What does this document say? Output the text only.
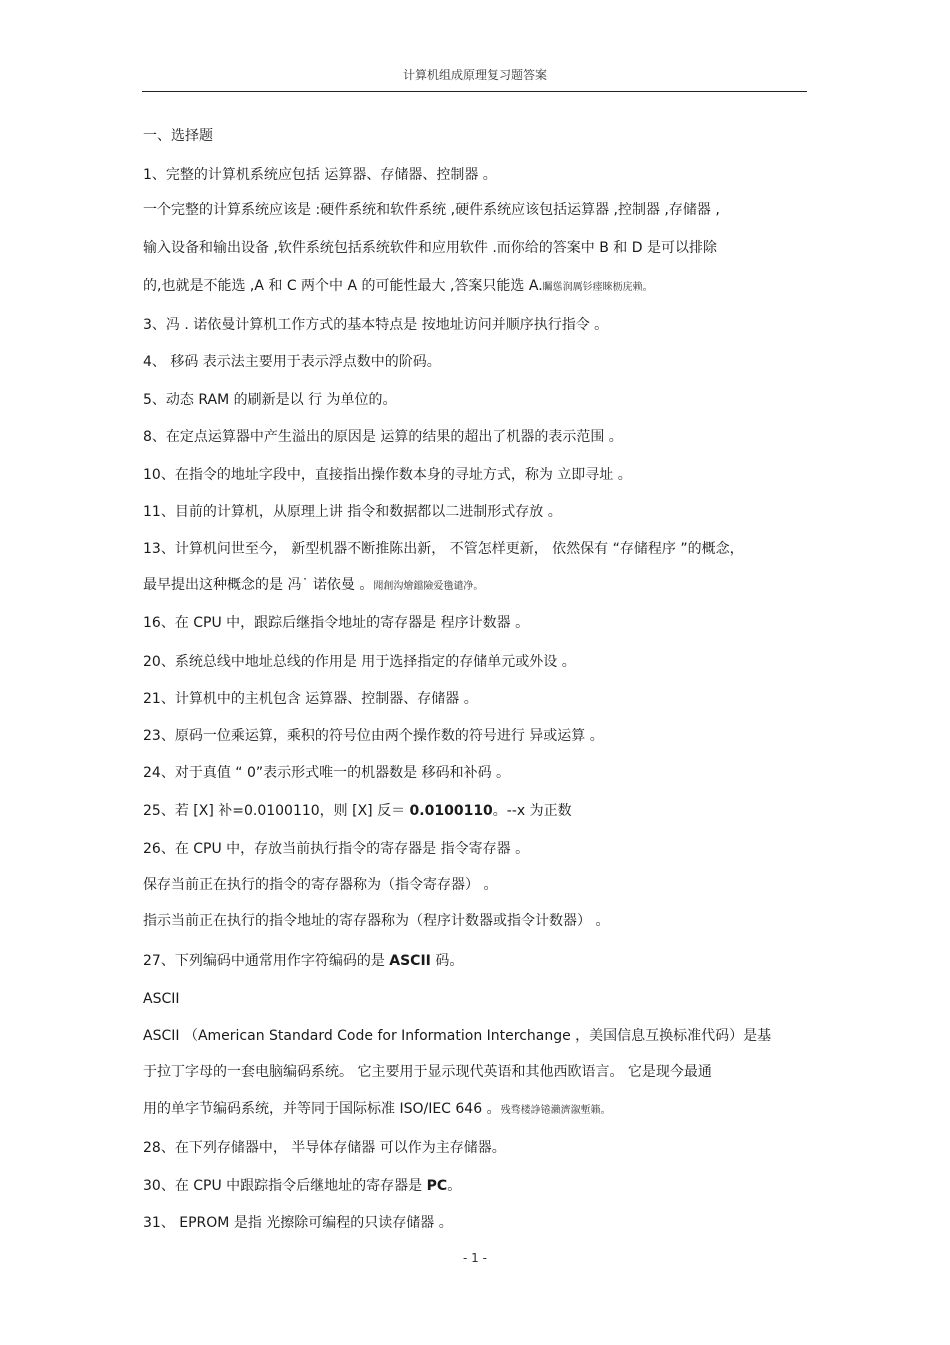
计算机组成原理复习题答案
一、选择题
1、完整的计算机系统应包括 运算器、存储器、控制器 。
一个完整的计算系统应该是 :硬件系统和软件系统 ,硬件系统应该包括运算器 ,控制器 ,存储器 ,
输入设备和输出设备 ,软件系统包括系统软件和应用软件 .而你给的答案中 B 和 D 是可以排除
的,也就是不能选 ,A 和 C 两个中 A 的可能性最大 ,答案只能选 A.矚慫润厲钐瘗睞枥庑赖。
3、冯 . 诺依曼计算机工作方式的基本特点是 按地址访问并顺序执行指令 。
4、 移码 表示法主要用于表示浮点数中的阶码。
5、动态 RAM 的刷新是以 行 为单位的。
8、在定点运算器中产生溢出的原因是 运算的结果的超出了机器的表示范围 。
10、在指令的地址字段中，直接指出操作数本身的寻址方式，称为 立即寻址 。
11、目前的计算机，从原理上讲 指令和数据都以二进制形式存放 。
13、计算机问世至今， 新型机器不断推陈出新， 不管怎样更新， 依然保有 “存储程序 ”的概念，
最早提出这种概念的是 冯˙ 诺依曼 。聞創沟燴鐺險爱氇谴净。
16、在 CPU 中，跟踪后继指令地址的寄存器是 程序计数器 。
20、系统总线中地址总线的作用是 用于选择指定的存储单元或外设 。
21、计算机中的主机包含 运算器、控制器、存储器 。
23、原码一位乘运算，乘积的符号位由两个操作数的符号进行 异或运算 。
24、对于真值 “ 0”表示形式唯一的机器数是 移码和补码 。
25、若 [X] 补=0.0100110，则 [X] 反＝ 0.0100110。--x 为正数
26、在 CPU 中，存放当前执行指令的寄存器是 指令寄存器 。
保存当前正在执行的指令的寄存器称为（指令寄存器） 。
指示当前正在执行的指令地址的寄存器称为（程序计数器或指令计数器） 。
27、下列编码中通常用作字符编码的是 ASCII 码。
ASCII
ASCII （American Standard Code for Information Interchange ，美国信息互换标准代码）是基
于拉丁字母的一套电脑编码系统。 它主要用于显示现代英语和其他西欧语言。 它是现今最通
用的单字节编码系统，并等同于国际标准 ISO/IEC 646 。残骛楼諍锩瀨濟溆塹籟。
28、在下列存储器中， 半导体存储器 可以作为主存储器。
30、在 CPU 中跟踪指令后继地址的寄存器是 PC。
31、 EPROM 是指 光擦除可编程的只读存储器 。
- 1 -
